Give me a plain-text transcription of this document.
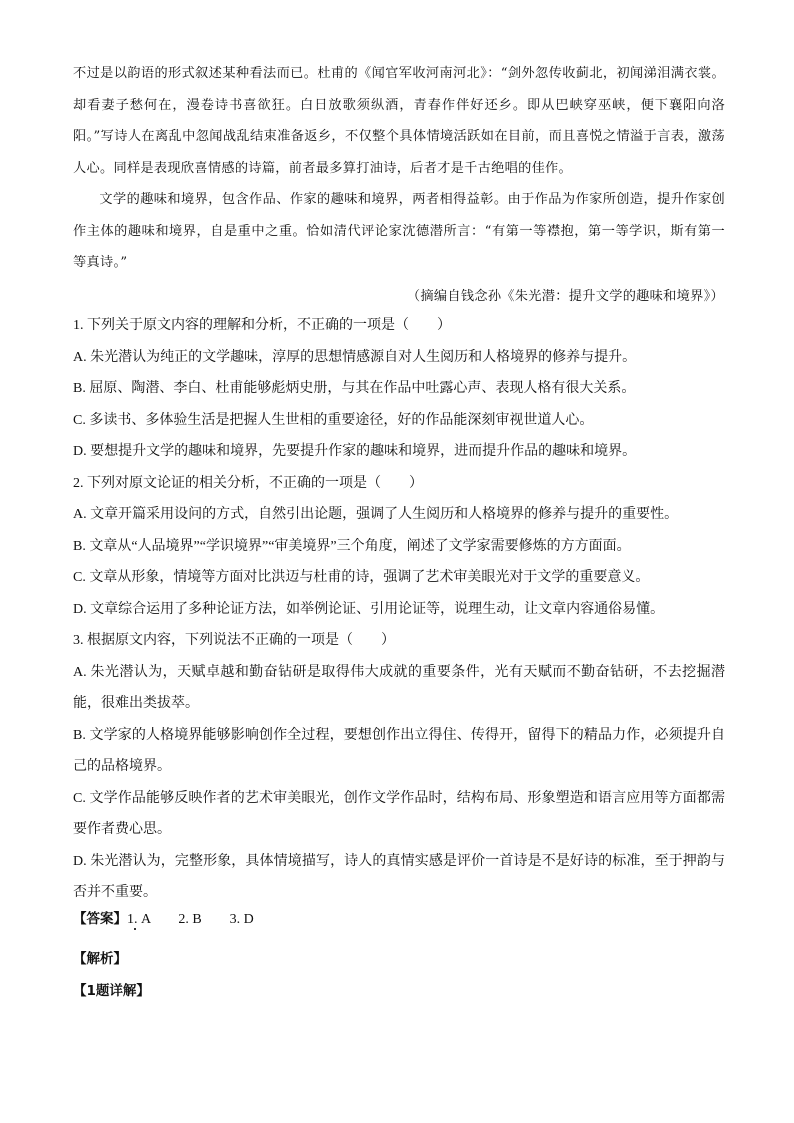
不过是以韵语的形式叙述某种看法而已。杜甫的《闻官军收河南河北》：“剑外忽传收蓟北，初闻涕泪满衣裳。却看妻子愁何在，漫卷诗书喜欲狂。白日放歌须纵酒，青春作伴好还乡。即从巴峡穿巫峡，便下襄阳向洛阳。”写诗人在离乱中忽闻战乱结束准备返乡，不仅整个具体情境活跃如在目前，而且喜悦之情溢于言表，激荡人心。同样是表现欣喜情感的诗篇，前者最多算打油诗，后者才是千古绝唱的佳作。

文学的趣味和境界，包含作品、作家的趣味和境界，两者相得益彰。由于作品为作家所创造，提升作家创作主体的趣味和境界，自是重中之重。恰如清代评论家沈德潜所言：“有第一等襟抱，第一等学识，斯有第一等真诗。”

（摘编自钱念孙《朱光潜：提升文学的趣味和境界》）

1. 下列关于原文内容的理解和分析，不正确的一项是（　　）

A. 朱光潜认为纯正的文学趣味，淳厚的思想情感源自对人生阅历和人格境界的修养与提升。

B. 屈原、陶潜、李白、杜甫能够彪炳史册，与其在作品中吐露心声、表现人格有很大关系。

C. 多读书、多体验生活是把握人生世相的重要途径，好的作品能深刻审视世道人心。

D. 要想提升文学的趣味和境界，先要提升作家的趣味和境界，进而提升作品的趣味和境界。

2. 下列对原文论证的相关分析，不正确的一项是（　　）

A. 文章开篇采用设问的方式，自然引出论题，强调了人生阅历和人格境界的修养与提升的重要性。

B. 文章从“人品境界”“学识境界”“审美境界”三个角度，阐述了文学家需要修炼的方方面面。

C. 文章从形象，情境等方面对比洪迈与杜甫的诗，强调了艺术审美眼光对于文学的重要意义。

D. 文章综合运用了多种论证方法，如举例论证、引用论证等，说理生动，让文章内容通俗易懂。

3. 根据原文内容，下列说法不正确的一项是（　　）

A. 朱光潜认为，天赋卓越和勤奋钻研是取得伟大成就的重要条件，光有天赋而不勤奋钻研，不去挖掘潜能，很难出类拔萃。

B. 文学家的人格境界能够影响创作全过程，要想创作出立得住、传得开，留得下的精品力作，必须提升自己的品格境界。

C. 文学作品能够反映作者的艺术审美眼光，创作文学作品时，结构布局、形象塑造和语言应用等方面都需要作者费心思。

D. 朱光潜认为，完整形象，具体情境描写，诗人的真情实感是评价一首诗是不是好诗的标准，至于押韵与否并不重要。

【答案】1. A　　2. B　　3. D
【解析】
【1题详解】
